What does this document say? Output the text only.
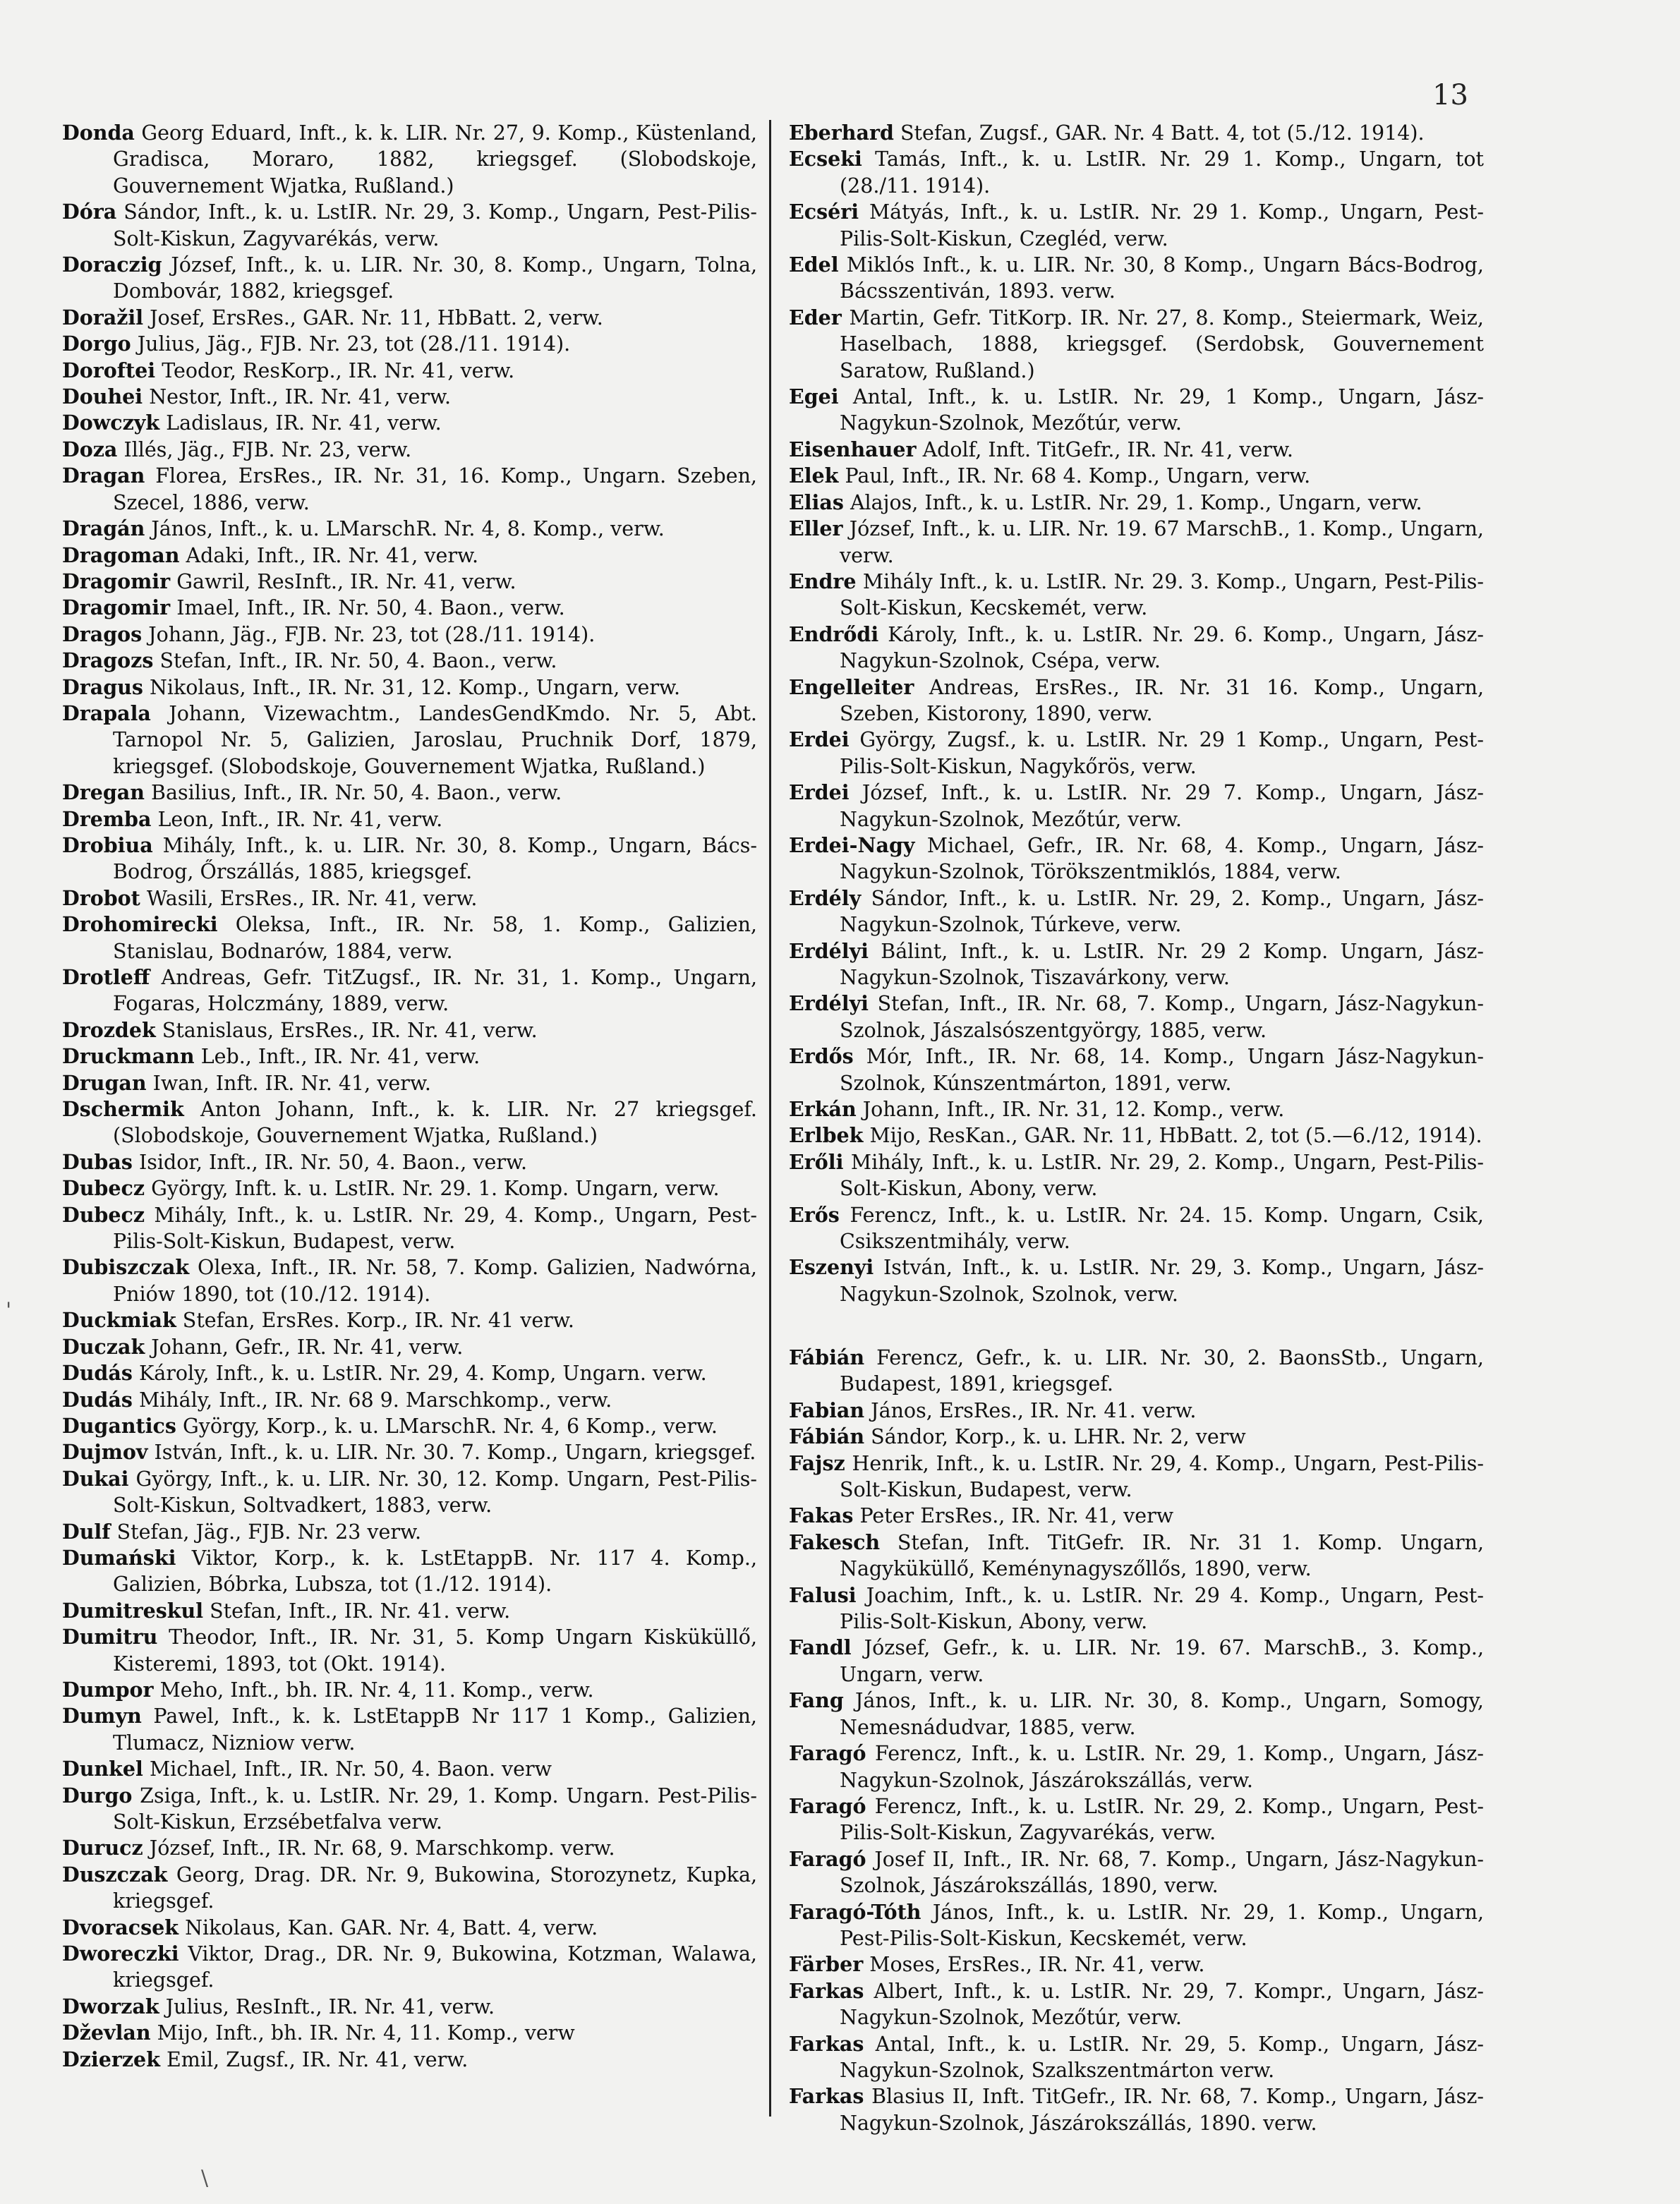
13
Donda Georg Eduard, Inft., k. k. LIR. Nr. 27, 9. Komp., Küstenland, Gradisca, Moraro, 1882, kriegsgef. (Slobodskoje, Gouvernement Wjatka, Rußland.)
Dóra Sándor, Inft., k. u. LstIR. Nr. 29, 3. Komp., Ungarn, Pest-Pilis-Solt-Kiskun, Zagyvarékás, verw.
Doraczig József, Inft., k. u. LIR. Nr. 30, 8. Komp., Ungarn, Tolna, Dombovár, 1882, kriegsgef.
Doražil Josef, ErsRes., GAR. Nr. 11, HbBatt. 2, verw.
Dorgo Julius, Jäg., FJB. Nr. 23, tot (28./11. 1914).
Doroftei Teodor, ResKorp., IR. Nr. 41, verw.
Douhei Nestor, Inft., IR. Nr. 41, verw.
Dowczyk Ladislaus, IR. Nr. 41, verw.
Doza Illés, Jäg., FJB. Nr. 23, verw.
Dragan Florea, ErsRes., IR. Nr. 31, 16. Komp., Ungarn. Szeben, Szecel, 1886, verw.
Dragán János, Inft., k. u. LMarschR. Nr. 4, 8. Komp., verw.
Dragoman Adaki, Inft., IR. Nr. 41, verw.
Dragomir Gawril, ResInft., IR. Nr. 41, verw.
Dragomir Imael, Inft., IR. Nr. 50, 4. Baon., verw.
Dragos Johann, Jäg., FJB. Nr. 23, tot (28./11. 1914).
Dragozs Stefan, Inft., IR. Nr. 50, 4. Baon., verw.
Dragus Nikolaus, Inft., IR. Nr. 31, 12. Komp., Ungarn, verw.
Drapala Johann, Vizewachtm., LandesGendKmdo. Nr. 5, Abt. Tarnopol Nr. 5, Galizien, Jaroslau, Pruchnik Dorf, 1879, kriegsgef. (Slobodskoje, Gouvernement Wjatka, Rußland.)
Dregan Basilius, Inft., IR. Nr. 50, 4. Baon., verw.
Dremba Leon, Inft., IR. Nr. 41, verw.
Drobiua Mihály, Inft., k. u. LIR. Nr. 30, 8. Komp., Ungarn, Bács-Bodrog, Őrszállás, 1885, kriegsgef.
Drobot Wasili, ErsRes., IR. Nr. 41, verw.
Drohomirecki Oleksa, Inft., IR. Nr. 58, 1. Komp., Galizien, Stanislau, Bodnarów, 1884, verw.
Drotleff Andreas, Gefr. TitZugsf., IR. Nr. 31, 1. Komp., Ungarn, Fogaras, Holczmány, 1889, verw.
Drozdek Stanislaus, ErsRes., IR. Nr. 41, verw.
Druckmann Leb., Inft., IR. Nr. 41, verw.
Drugan Iwan, Inft. IR. Nr. 41, verw.
Dschermik Anton Johann, Inft., k. k. LIR. Nr. 27 kriegsgef. (Slobodskoje, Gouvernement Wjatka, Rußland.)
Dubas Isidor, Inft., IR. Nr. 50, 4. Baon., verw.
Dubecz György, Inft. k. u. LstIR. Nr. 29. 1. Komp. Ungarn, verw.
Dubecz Mihály, Inft., k. u. LstIR. Nr. 29, 4. Komp., Ungarn, Pest-Pilis-Solt-Kiskun, Budapest, verw.
Dubiszczak Olexa, Inft., IR. Nr. 58, 7. Komp. Galizien, Nadwórna, Pniów 1890, tot (10./12. 1914).
Duckmiak Stefan, ErsRes. Korp., IR. Nr. 41 verw.
Duczak Johann, Gefr., IR. Nr. 41, verw.
Dudás Károly, Inft., k. u. LstIR. Nr. 29, 4. Komp, Ungarn. verw.
Dudás Mihály, Inft., IR. Nr. 68 9. Marschkomp., verw.
Dugantics György, Korp., k. u. LMarschR. Nr. 4, 6 Komp., verw.
Dujmov István, Inft., k. u. LIR. Nr. 30. 7. Komp., Ungarn, kriegsgef.
Dukai György, Inft., k. u. LIR. Nr. 30, 12. Komp. Ungarn, Pest-Pilis-Solt-Kiskun, Soltvadkert, 1883, verw.
Dulf Stefan, Jäg., FJB. Nr. 23 verw.
Dumański Viktor, Korp., k. k. LstEtappB. Nr. 117 4. Komp., Galizien, Bóbrka, Lubsza, tot (1./12. 1914).
Dumitreskul Stefan, Inft., IR. Nr. 41. verw.
Dumitru Theodor, Inft., IR. Nr. 31, 5. Komp Ungarn Kisküküllő, Kisteremi, 1893, tot (Okt. 1914).
Dumpor Meho, Inft., bh. IR. Nr. 4, 11. Komp., verw.
Dumyn Pawel, Inft., k. k. LstEtappB Nr 117 1 Komp., Galizien, Tlumacz, Nizniow verw.
Dunkel Michael, Inft., IR. Nr. 50, 4. Baon. verw
Durgo Zsiga, Inft., k. u. LstIR. Nr. 29, 1. Komp. Ungarn. Pest-Pilis-Solt-Kiskun, Erzsébetfalva verw.
Durucz József, Inft., IR. Nr. 68, 9. Marschkomp. verw.
Duszczak Georg, Drag. DR. Nr. 9, Bukowina, Storozynetz, Kupka, kriegsgef.
Dvoracsek Nikolaus, Kan. GAR. Nr. 4, Batt. 4, verw.
Dworeczki Viktor, Drag., DR. Nr. 9, Bukowina, Kotzman, Walawa, kriegsgef.
Dworzak Julius, ResInft., IR. Nr. 41, verw.
Dževlan Mijo, Inft., bh. IR. Nr. 4, 11. Komp., verw
Dzierzek Emil, Zugsf., IR. Nr. 41, verw.
Eberhard Stefan, Zugsf., GAR. Nr. 4 Batt. 4, tot (5./12. 1914).
Ecseki Tamás, Inft., k. u. LstIR. Nr. 29 1. Komp., Ungarn, tot (28./11. 1914).
Ecséri Mátyás, Inft., k. u. LstIR. Nr. 29 1. Komp., Ungarn, Pest-Pilis-Solt-Kiskun, Czegléd, verw.
Edel Miklós Inft., k. u. LIR. Nr. 30, 8 Komp., Ungarn Bács-Bodrog, Bácsszentiván, 1893. verw.
Eder Martin, Gefr. TitKorp. IR. Nr. 27, 8. Komp., Steiermark, Weiz, Haselbach, 1888, kriegsgef. (Serdobsk, Gouvernement Saratow, Rußland.)
Egei Antal, Inft., k. u. LstIR. Nr. 29, 1 Komp., Ungarn, Jász-Nagykun-Szolnok, Mezőtúr, verw.
Eisenhauer Adolf, Inft. TitGefr., IR. Nr. 41, verw.
Elek Paul, Inft., IR. Nr. 68 4. Komp., Ungarn, verw.
Elias Alajos, Inft., k. u. LstIR. Nr. 29, 1. Komp., Ungarn, verw.
Eller József, Inft., k. u. LIR. Nr. 19. 67 MarschB., 1. Komp., Ungarn, verw.
Endre Mihály Inft., k. u. LstIR. Nr. 29. 3. Komp., Ungarn, Pest-Pilis-Solt-Kiskun, Kecskemét, verw.
Endrődi Károly, Inft., k. u. LstIR. Nr. 29. 6. Komp., Ungarn, Jász-Nagykun-Szolnok, Csépa, verw.
Engelleiter Andreas, ErsRes., IR. Nr. 31 16. Komp., Ungarn, Szeben, Kistorony, 1890, verw.
Erdei György, Zugsf., k. u. LstIR. Nr. 29 1 Komp., Ungarn, Pest-Pilis-Solt-Kiskun, Nagykőrös, verw.
Erdei József, Inft., k. u. LstIR. Nr. 29 7. Komp., Ungarn, Jász-Nagykun-Szolnok, Mezőtúr, verw.
Erdei-Nagy Michael, Gefr., IR. Nr. 68, 4. Komp., Ungarn, Jász-Nagykun-Szolnok, Törökszentmiklós, 1884, verw.
Erdély Sándor, Inft., k. u. LstIR. Nr. 29, 2. Komp., Ungarn, Jász-Nagykun-Szolnok, Túrkeve, verw.
Erdélyi Bálint, Inft., k. u. LstIR. Nr. 29 2 Komp. Ungarn, Jász-Nagykun-Szolnok, Tiszavárkony, verw.
Erdélyi Stefan, Inft., IR. Nr. 68, 7. Komp., Ungarn, Jász-Nagykun-Szolnok, Jászalsószentgyörgy, 1885, verw.
Erdős Mór, Inft., IR. Nr. 68, 14. Komp., Ungarn Jász-Nagykun-Szolnok, Kúnszentmárton, 1891, verw.
Erkán Johann, Inft., IR. Nr. 31, 12. Komp., verw.
Erlbek Mijo, ResKan., GAR. Nr. 11, HbBatt. 2, tot (5.—6./12, 1914).
Erőli Mihály, Inft., k. u. LstIR. Nr. 29, 2. Komp., Ungarn, Pest-Pilis-Solt-Kiskun, Abony, verw.
Erős Ferencz, Inft., k. u. LstIR. Nr. 24. 15. Komp. Ungarn, Csik, Csikszentmihály, verw.
Eszenyi István, Inft., k. u. LstIR. Nr. 29, 3. Komp., Ungarn, Jász-Nagykun-Szolnok, Szolnok, verw.
Fábián Ferencz, Gefr., k. u. LIR. Nr. 30, 2. BaonsStb., Ungarn, Budapest, 1891, kriegsgef.
Fabian János, ErsRes., IR. Nr. 41. verw.
Fábián Sándor, Korp., k. u. LHR. Nr. 2, verw
Fajsz Henrik, Inft., k. u. LstIR. Nr. 29, 4. Komp., Ungarn, Pest-Pilis-Solt-Kiskun, Budapest, verw.
Fakas Peter ErsRes., IR. Nr. 41, verw
Fakesch Stefan, Inft. TitGefr. IR. Nr. 31 1. Komp. Ungarn, Nagyküküllő, Keménynagyszőllős, 1890, verw.
Falusi Joachim, Inft., k. u. LstIR. Nr. 29 4. Komp., Ungarn, Pest-Pilis-Solt-Kiskun, Abony, verw.
Fandl József, Gefr., k. u. LIR. Nr. 19. 67. MarschB., 3. Komp., Ungarn, verw.
Fang János, Inft., k. u. LIR. Nr. 30, 8. Komp., Ungarn, Somogy, Nemesnádudvar, 1885, verw.
Faragó Ferencz, Inft., k. u. LstIR. Nr. 29, 1. Komp., Ungarn, Jász-Nagykun-Szolnok, Jászárokszállás, verw.
Faragó Ferencz, Inft., k. u. LstIR. Nr. 29, 2. Komp., Ungarn, Pest-Pilis-Solt-Kiskun, Zagyvarékás, verw.
Faragó Josef II, Inft., IR. Nr. 68, 7. Komp., Ungarn, Jász-Nagykun-Szolnok, Jászárokszállás, 1890, verw.
Faragó-Tóth János, Inft., k. u. LstIR. Nr. 29, 1. Komp., Ungarn, Pest-Pilis-Solt-Kiskun, Kecskemét, verw.
Färber Moses, ErsRes., IR. Nr. 41, verw.
Farkas Albert, Inft., k. u. LstIR. Nr. 29, 7. Kompr., Ungarn, Jász-Nagykun-Szolnok, Mezőtúr, verw.
Farkas Antal, Inft., k. u. LstIR. Nr. 29, 5. Komp., Ungarn, Jász-Nagykun-Szolnok, Szalkszentmárton verw.
Farkas Blasius II, Inft. TitGefr., IR. Nr. 68, 7. Komp., Ungarn, Jász-Nagykun-Szolnok, Jászárokszállás, 1890. verw.
'
\
